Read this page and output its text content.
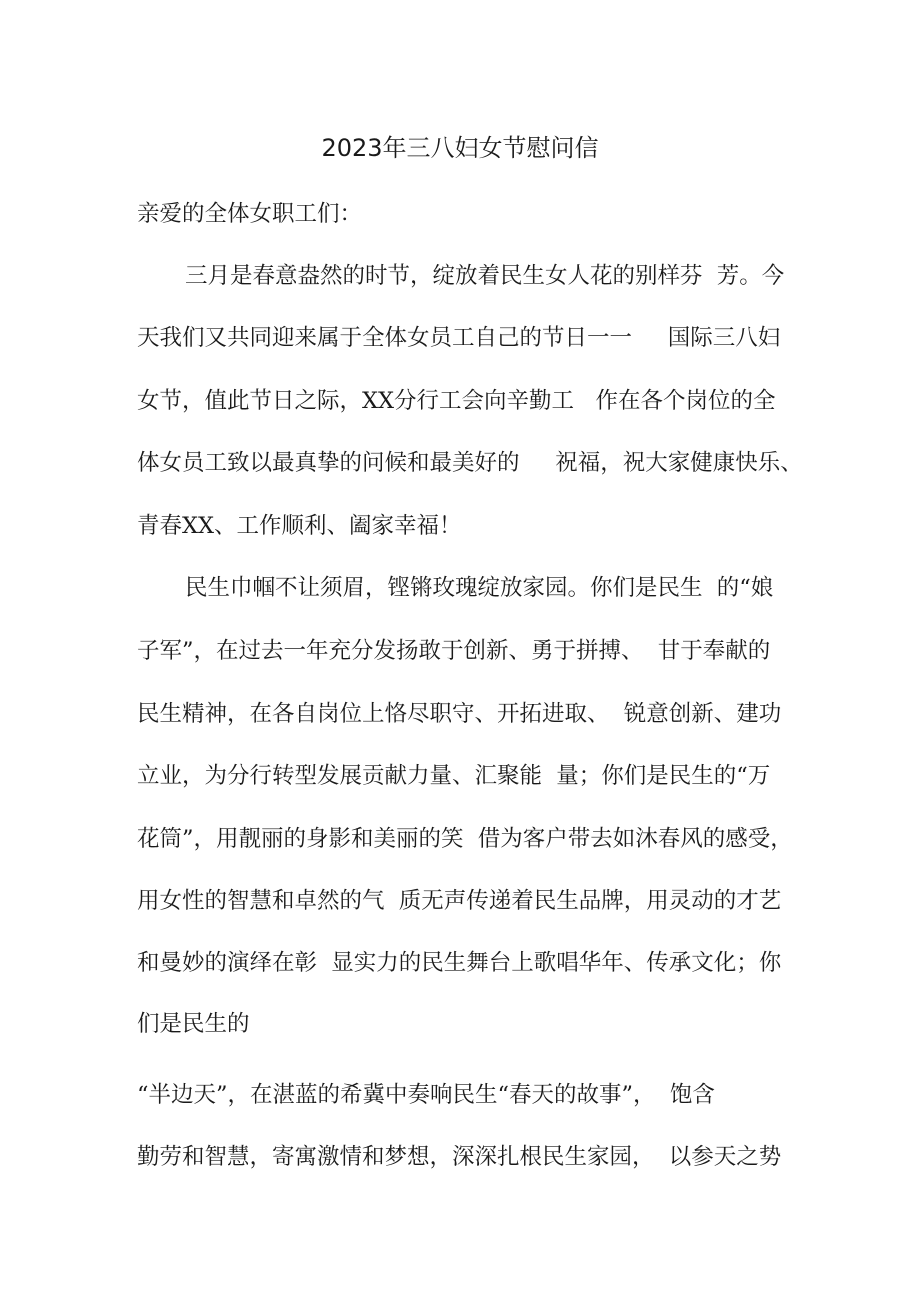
2023年三八妇女节慰问信
亲爱的全体女职工们：
三月是春意盎然的时节，绽放着民生女人花的别样芬  芳。今
天我们又共同迎来属于全体女员工自己的节日一一     国际三八妇
女节，值此节日之际，XX分行工会向辛勤工   作在各个岗位的全
体女员工致以最真挚的问候和最美好的     祝福，祝大家健康快乐、
青春XX、工作顺利、阖家幸福！
民生巾帼不让须眉，铿锵玫瑰绽放家园。你们是民生  的“娘
子军”，在过去一年充分发扬敢于创新、勇于拼搏、  甘于奉献的
民生精神，在各自岗位上恪尽职守、开拓进取、  锐意创新、建功
立业，为分行转型发展贡献力量、汇聚能  量；你们是民生的“万
花筒”，用靓丽的身影和美丽的笑  借为客户带去如沐春风的感受，
用女性的智慧和卓然的气  质无声传递着民生品牌，用灵动的才艺
和曼妙的演绎在彰  显实力的民生舞台上歌唱华年、传承文化；你
们是民生的
“半边天”，在湛蓝的希冀中奏响民生“春天的故事”，  饱含
勤劳和智慧，寄寓激情和梦想，深深扎根民生家园，  以参天之势
